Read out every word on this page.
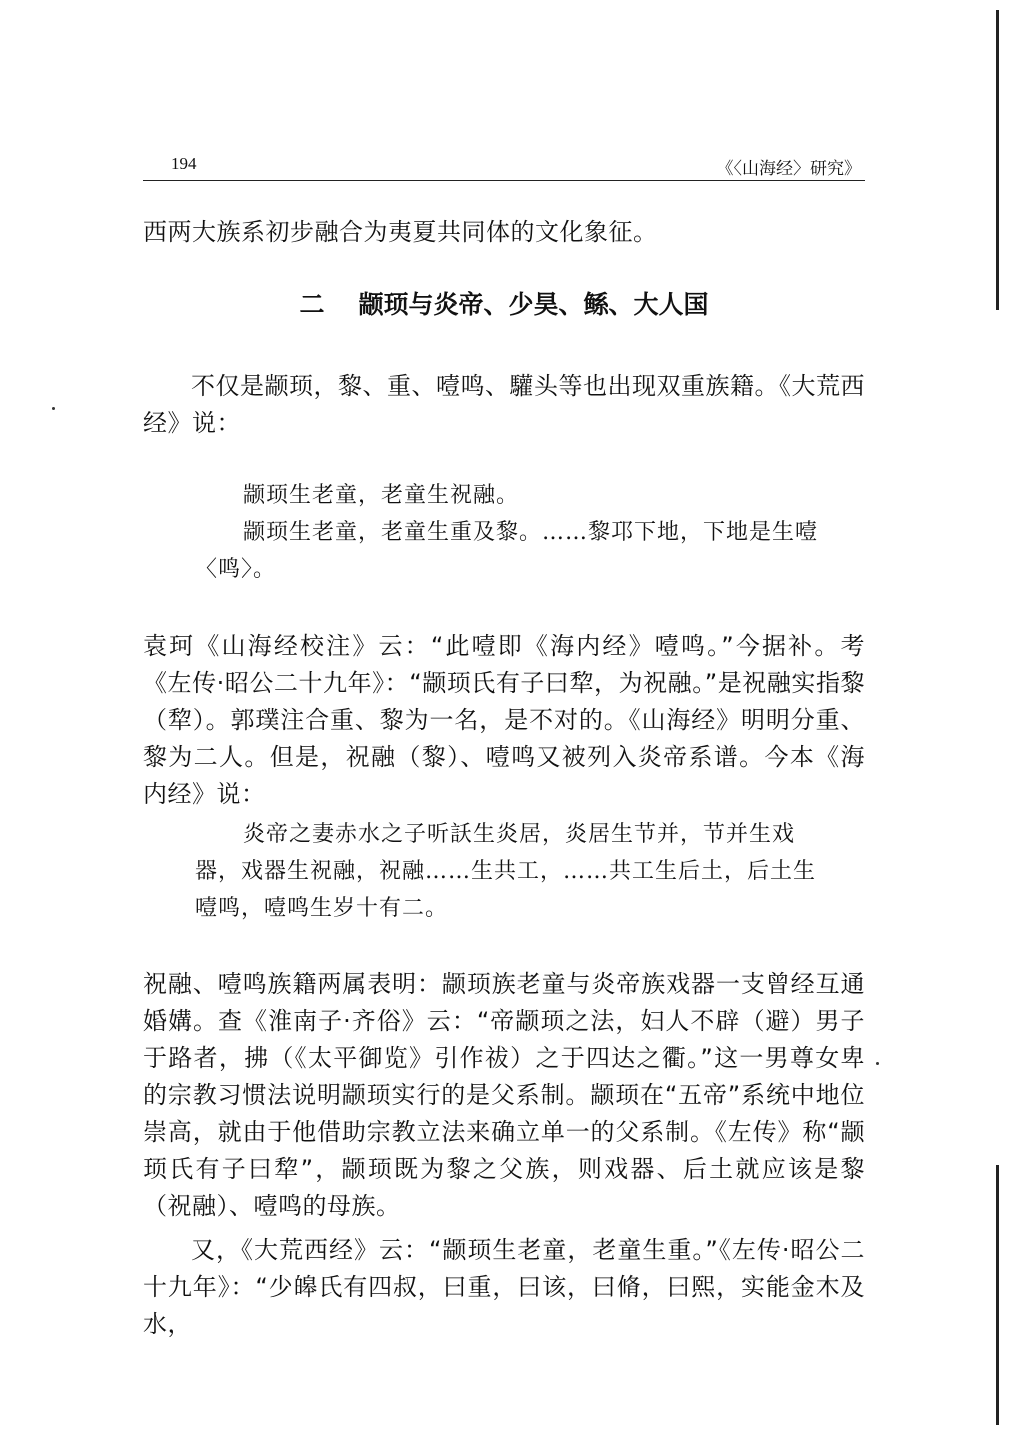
194	《〈山海经〉研究》

西两大族系初步融合为夷夏共同体的文化象征。

二 颛顼与炎帝、少昊、鲧、大人国

不仅是颛顼，黎、重、噎鸣、驩头等也出现双重族籍。《大荒西经》说：

颛顼生老童，老童生祝融。

颛顼生老童，老童生重及黎。……黎邛下地，下地是生噎〈鸣〉。

袁珂《山海经校注》云：“此噎即《海内经》噎鸣。”今据补。考《左传·昭公二十九年》：“颛顼氏有子曰犂，为祝融。”是祝融实指黎（犂）。郭璞注合重、黎为一名，是不对的。《山海经》明明分重、黎为二人。但是，祝融（黎）、噎鸣又被列入炎帝系谱。今本《海内经》说：

炎帝之妻赤水之子听訞生炎居，炎居生节并，节并生戏器，戏器生祝融，祝融……生共工，……共工生后土，后土生噎鸣，噎鸣生岁十有二。

祝融、噎鸣族籍两属表明：颛顼族老童与炎帝族戏器一支曾经互通婚媾。查《淮南子·齐俗》云：“帝颛顼之法，妇人不辟（避）男子于路者，拂（《太平御览》引作祓）之于四达之衢。”这一男尊女卑的宗教习惯法说明颛顼实行的是父系制。颛顼在“五帝”系统中地位崇高，就由于他借助宗教立法来确立单一的父系制。《左传》称“颛顼氏有子曰犂”，颛顼既为黎之父族，则戏器、后土就应该是黎（祝融）、噎鸣的母族。

又，《大荒西经》云：“颛顼生老童，老童生重。”《左传·昭公二十九年》：“少皞氏有四叔，曰重，曰该，曰脩，曰熙，实能金木及水，
